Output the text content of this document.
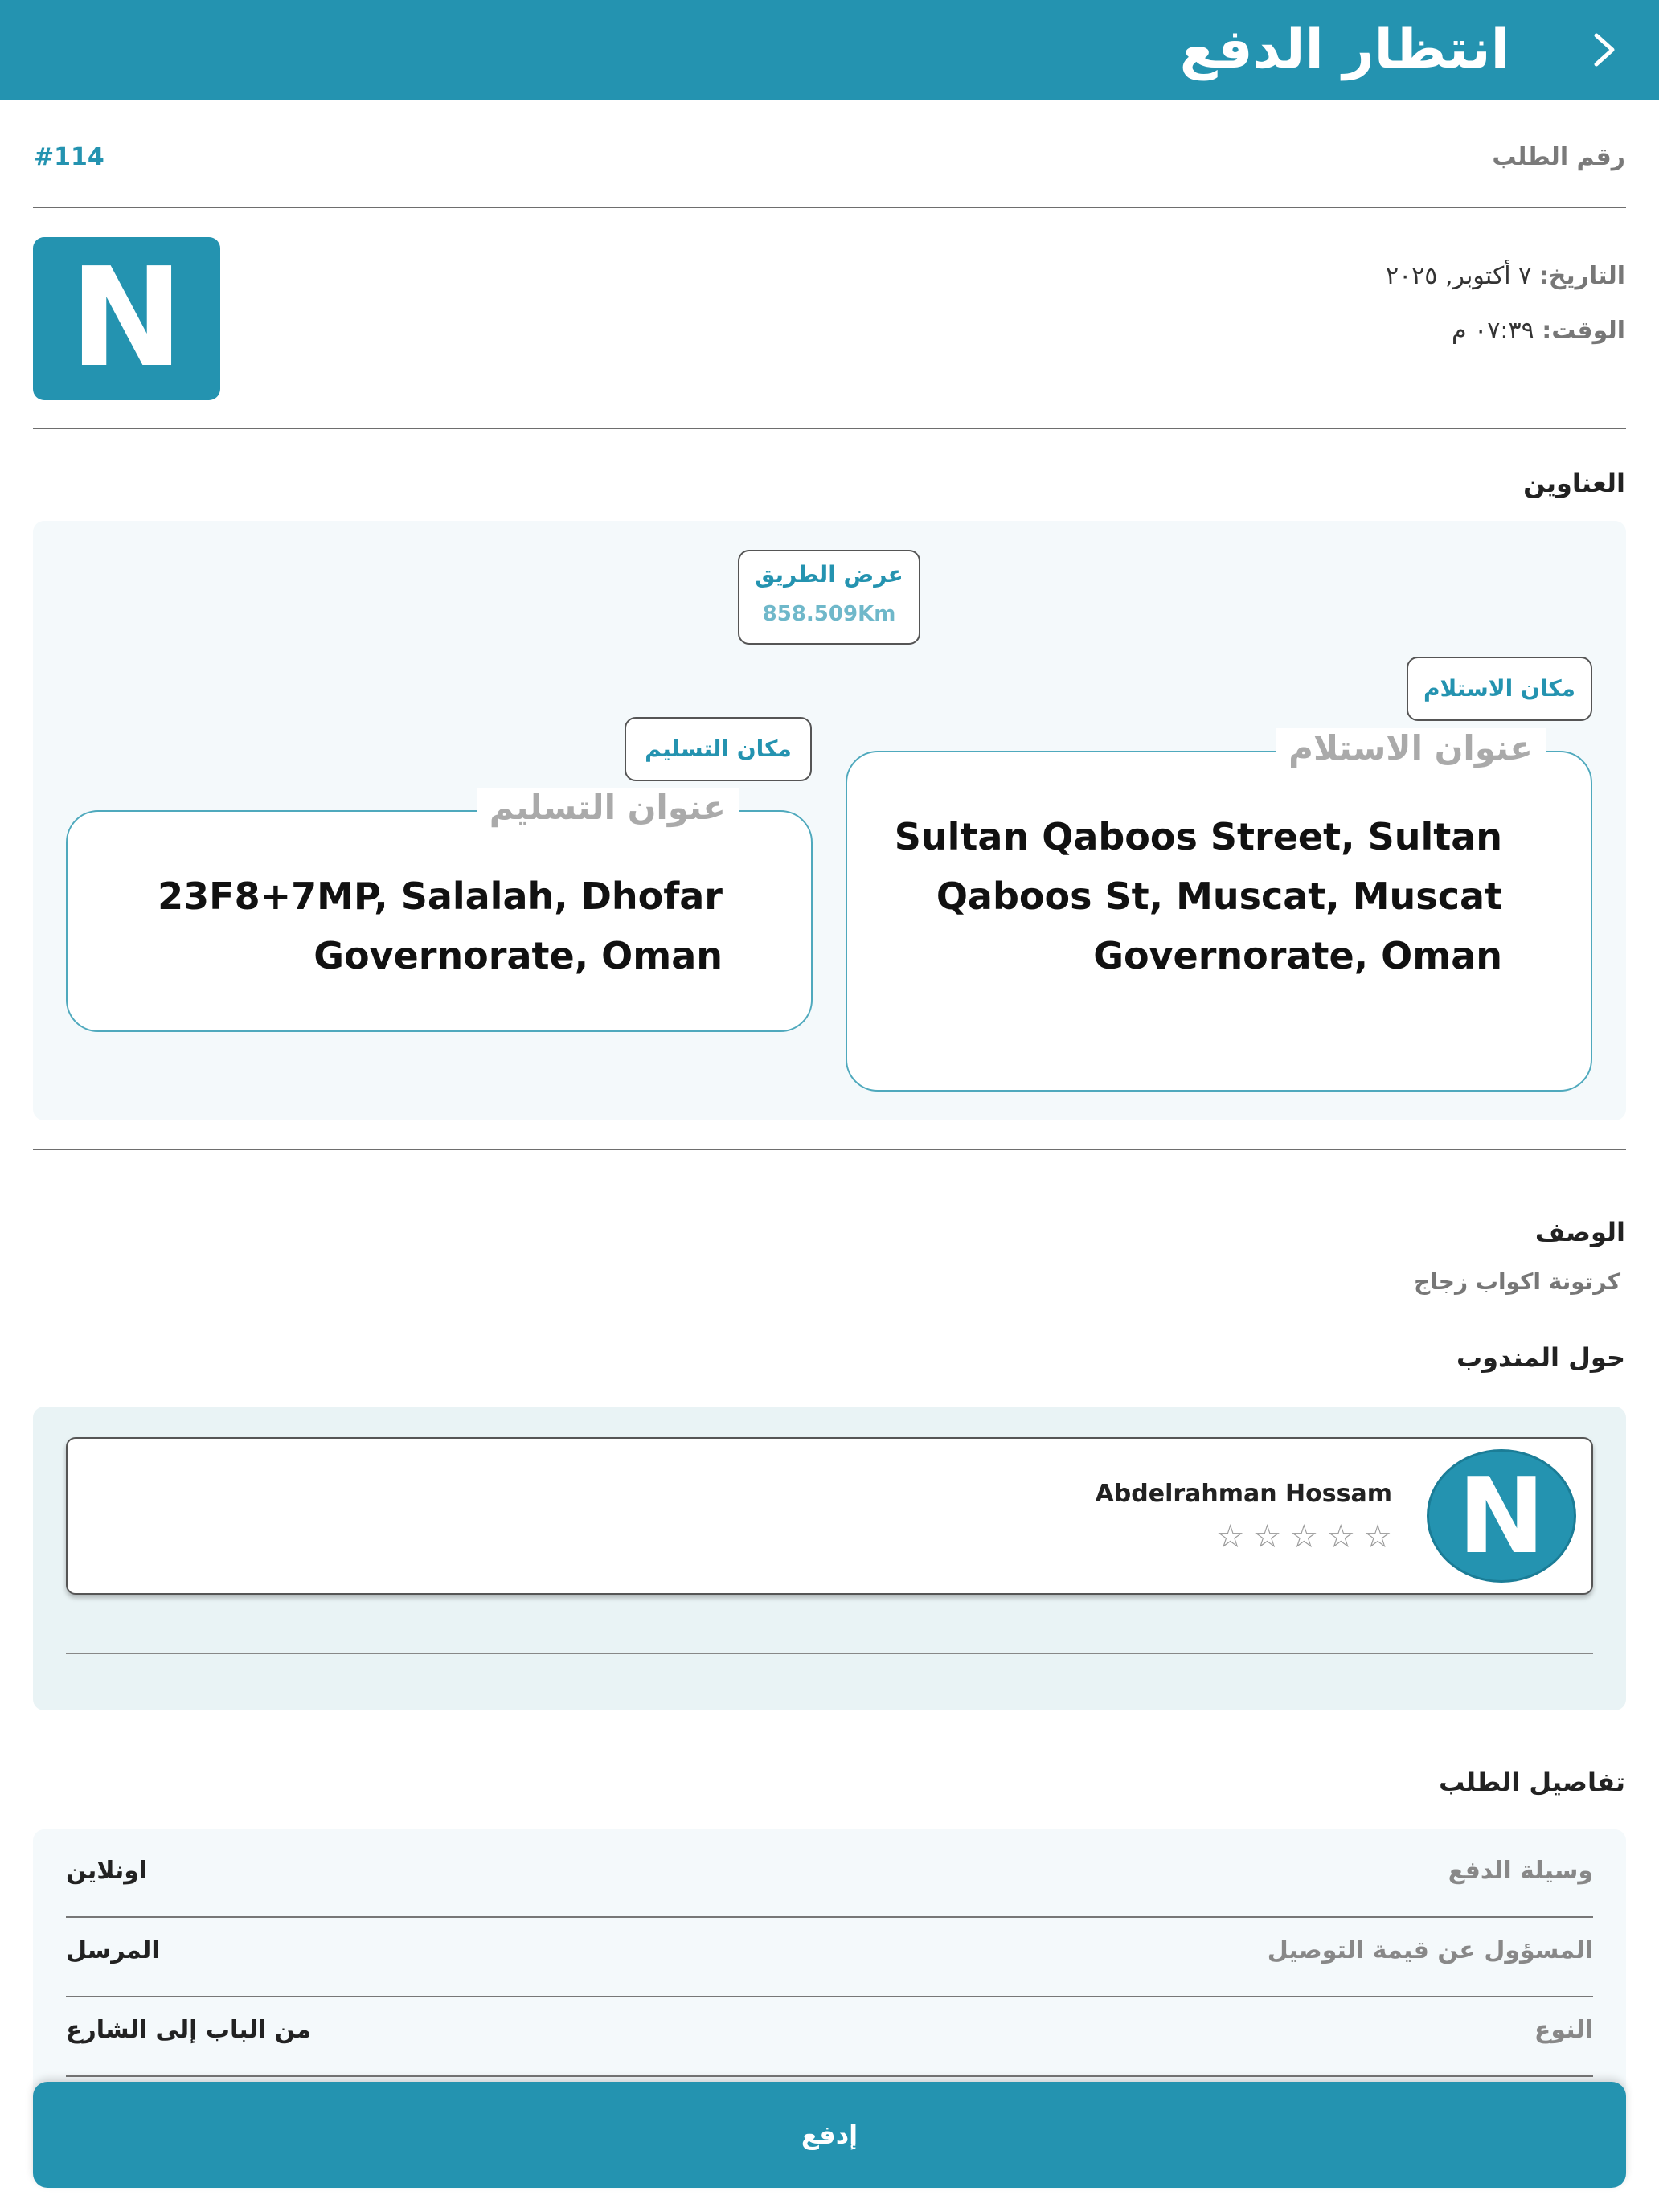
انتظار الدفع
رقم الطلب
#114
N	التاريخ: ٧ أكتوبر, ٢٠٢٥
الوقت: ٠٧:٣٩ م
العناوين
عرض الطريق
858.509Km
مكان الاستلام
مكان التسليم	عنوان الاستلام
Sultan Qaboos Street, Sultan Qaboos St, Muscat, Muscat Governorate, Oman
عنوان التسليم
23F8+7MP, Salalah, Dhofar Governorate, Oman
الوصف
كرتونة اكواب زجاج
حول المندوب
N
Abdelrahman Hossam
☆
☆
☆
☆
☆
تفاصيل الطلب
وسيلة الدفع
اونلاين
المسؤول عن قيمة التوصيل
المرسل
النوع
من الباب إلى الشارع
إدفع
